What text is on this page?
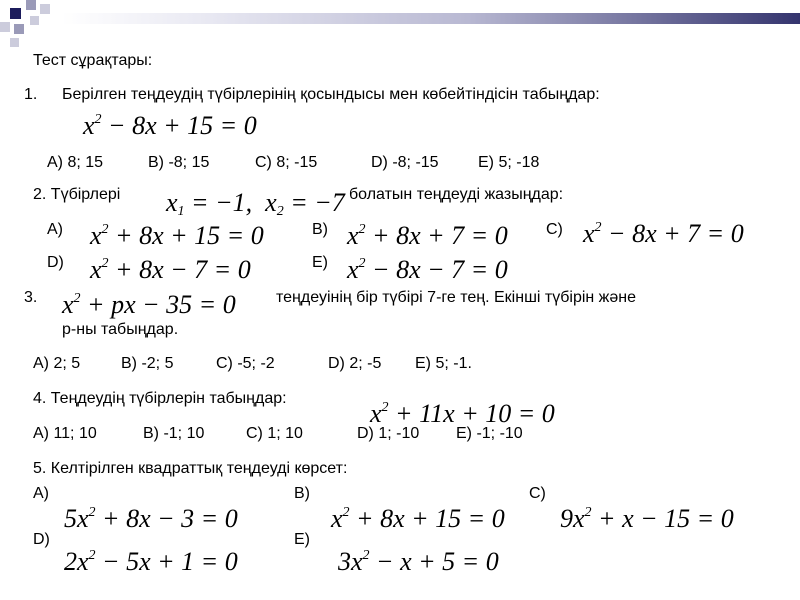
Тест сұрақтары:
1. Берілген теңдеудің түбірлерінің қосындысы мен көбейтіндісін табыңдар:
$x^2 - 8x + 15 = 0$
А) 8; 15	В) -8; 15	С) 8; -15	D) -8; -15 Е) 5; -18
2. Түбірлері $x_1 = -1$,  $x_2 = -7$ болатын теңдеуді жазыңдар:
А) $x^2 + 8x + 15 = 0$	В) $x^2 + 8x + 7 = 0$ С) $x^2 - 8x + 7 = 0$
D) $x^2 + 8x - 7 = 0$	Е) $x^2 - 8x - 7 = 0$
3. $x^2$ + px − 35 = 0	теңдеуінің бір түбірі 7-ге тең. Екінші түбірін және
р-ны табыңдар.
А) 2; 5	В) -2; 5	С) -5; -2	D) 2; -5 Е) 5; -1.
4. Теңдеудің түбірлерін табыңдар:
$x^2 + 11x + 10 = 0$
А) 11; 10	В) -1; 10	С) 1; 10	D) 1; -10 Е) -1; -10
5. Келтірілген квадраттық теңдеуді көрсет:
А)	В)	С)
$5x^2 + 8x - 3 = 0$	$x^2 + 8x + 15 = 0$ $9x^2 + x - 15 = 0$
D)	Е)
$2x^2 - 5x + 1 = 0$	$3x^2 - x + 5 = 0$
